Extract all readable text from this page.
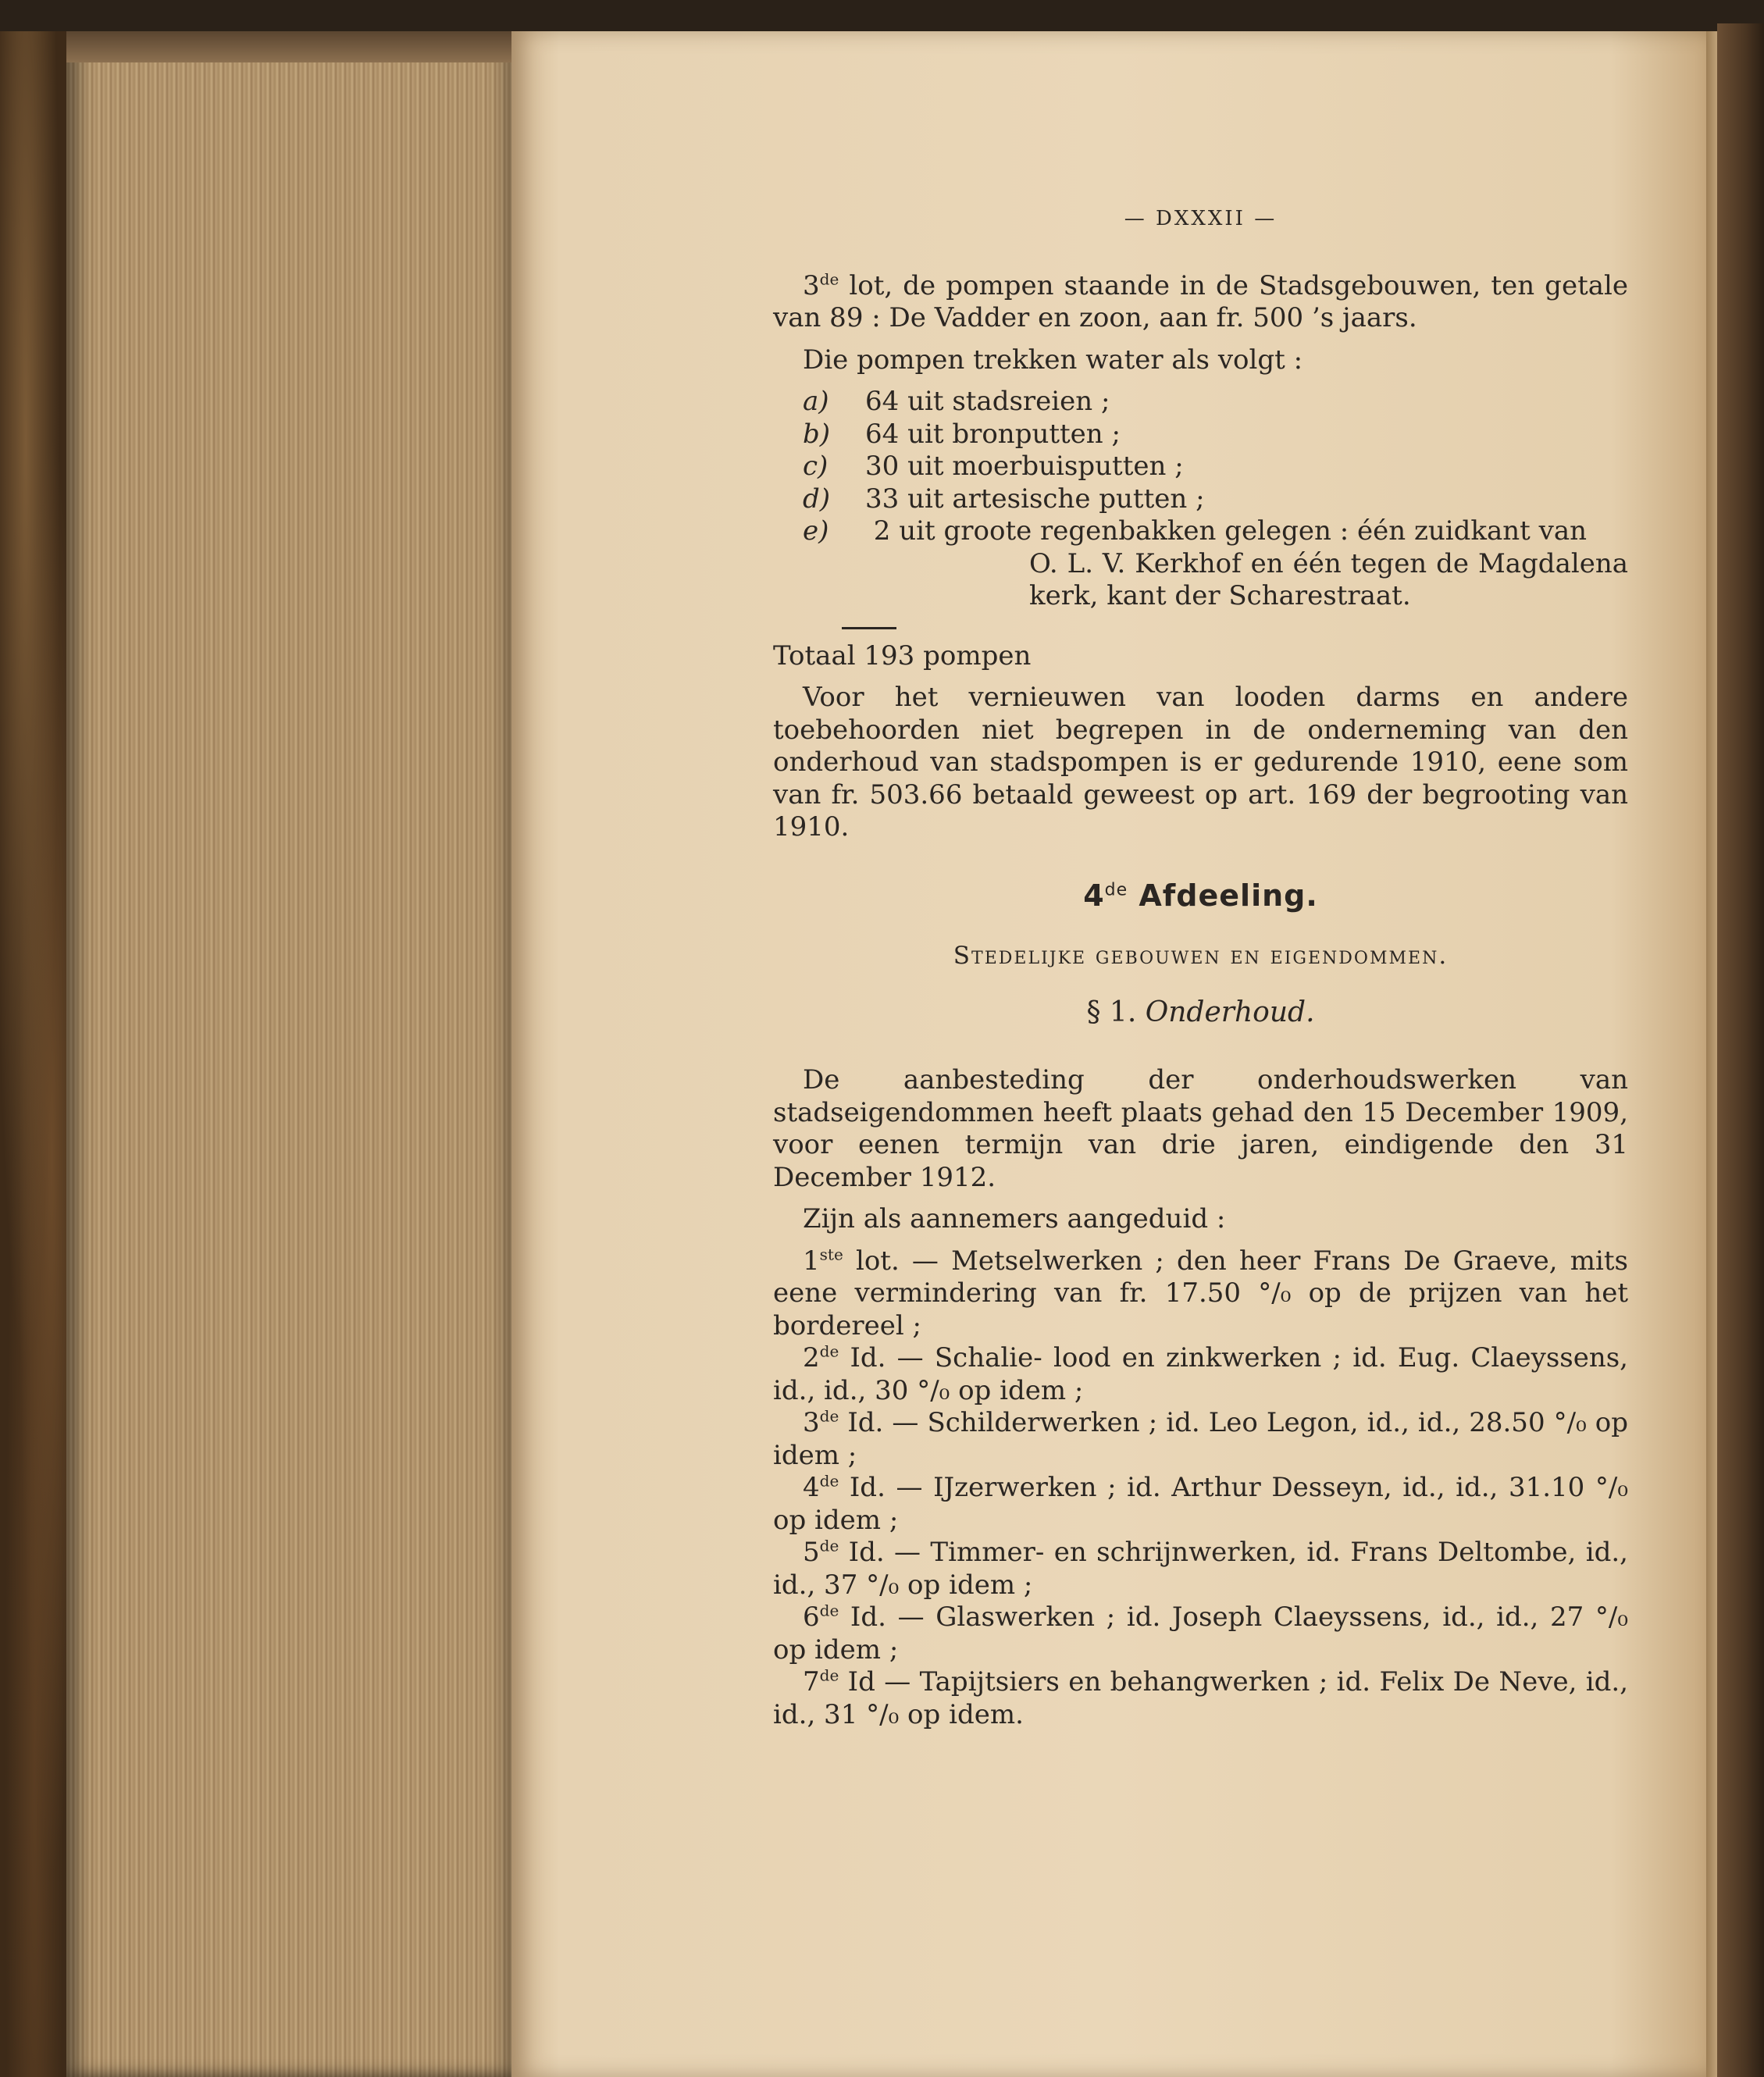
— DXXXII —

3de lot, de pompen staande in de Stadsgebouwen, ten getale van 89 : De Vadder en zoon, aan fr. 500 ’s jaars.

Die pompen trekken water als volgt :

a) 64 uit stadsreien ;

b) 64 uit bronputten ;

c) 30 uit moerbuisputten ;

d) 33 uit artesische putten ;

e) 2 uit groote regenbakken gelegen : één zuidkant van

O. L. V. Kerkhof en één tegen de Magdalena kerk, kant der Scharestraat.

Totaal 193 pompen

Voor het vernieuwen van looden darms en andere toebehoorden niet begrepen in de onderneming van den onderhoud van stadspompen is er gedurende 1910, eene som van fr. 503.66 betaald geweest op art. 169 der begrooting van 1910.

4de Afdeeling.
Stedelijke gebouwen en eigendommen.
§ 1. Onderhoud.

De aanbesteding der onderhoudswerken van stadseigendommen heeft plaats gehad den 15 December 1909, voor eenen termijn van drie jaren, eindigende den 31 December 1912.

Zijn als aannemers aangeduid :

1ste lot. — Metselwerken ; den heer Frans De Graeve, mits eene vermindering van fr. 17.50 °/₀ op de prijzen van het bordereel ;

2de Id. — Schalie- lood en zinkwerken ; id. Eug. Claeyssens, id., id., 30 °/₀ op idem ;

3de Id. — Schilderwerken ; id. Leo Legon, id., id., 28.50 °/₀ op idem ;

4de Id. — IJzerwerken ; id. Arthur Desseyn, id., id., 31.10 °/₀ op idem ;

5de Id. — Timmer- en schrijnwerken, id. Frans Deltombe, id., id., 37 °/₀ op idem ;

6de Id. — Glaswerken ; id. Joseph Claeyssens, id., id., 27 °/₀ op idem ;

7de Id — Tapijtsiers en behangwerken ; id. Felix De Neve, id., id., 31 °/₀ op idem.
